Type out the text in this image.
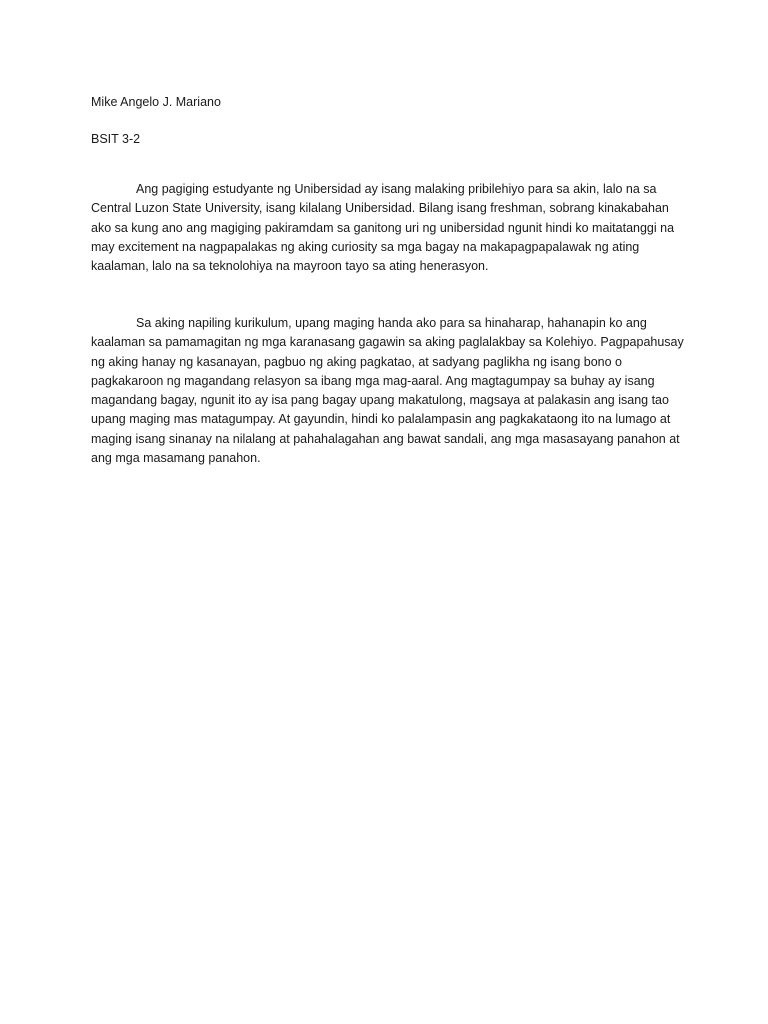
Mike Angelo J. Mariano
BSIT 3-2

Ang pagiging estudyante ng Unibersidad ay isang malaking pribilehiyo para sa akin, lalo na sa
Central Luzon State University, isang kilalang Unibersidad. Bilang isang freshman, sobrang kinakabahan
ako sa kung ano ang magiging pakiramdam sa ganitong uri ng unibersidad ngunit hindi ko maitatanggi na
may excitement na nagpapalakas ng aking curiosity sa mga bagay na makapagpapalawak ng ating
kaalaman, lalo na sa teknolohiya na mayroon tayo sa ating henerasyon.

Sa aking napiling kurikulum, upang maging handa ako para sa hinaharap, hahanapin ko ang
kaalaman sa pamamagitan ng mga karanasang gagawin sa aking paglalakbay sa Kolehiyo. Pagpapahusay
ng aking hanay ng kasanayan, pagbuo ng aking pagkatao, at sadyang paglikha ng isang bono o
pagkakaroon ng magandang relasyon sa ibang mga mag-aaral. Ang magtagumpay sa buhay ay isang
magandang bagay, ngunit ito ay isa pang bagay upang makatulong, magsaya at palakasin ang isang tao
upang maging mas matagumpay. At gayundin, hindi ko palalampasin ang pagkakataong ito na lumago at
maging isang sinanay na nilalang at pahahalagahan ang bawat sandali, ang mga masasayang panahon at
ang mga masamang panahon.
